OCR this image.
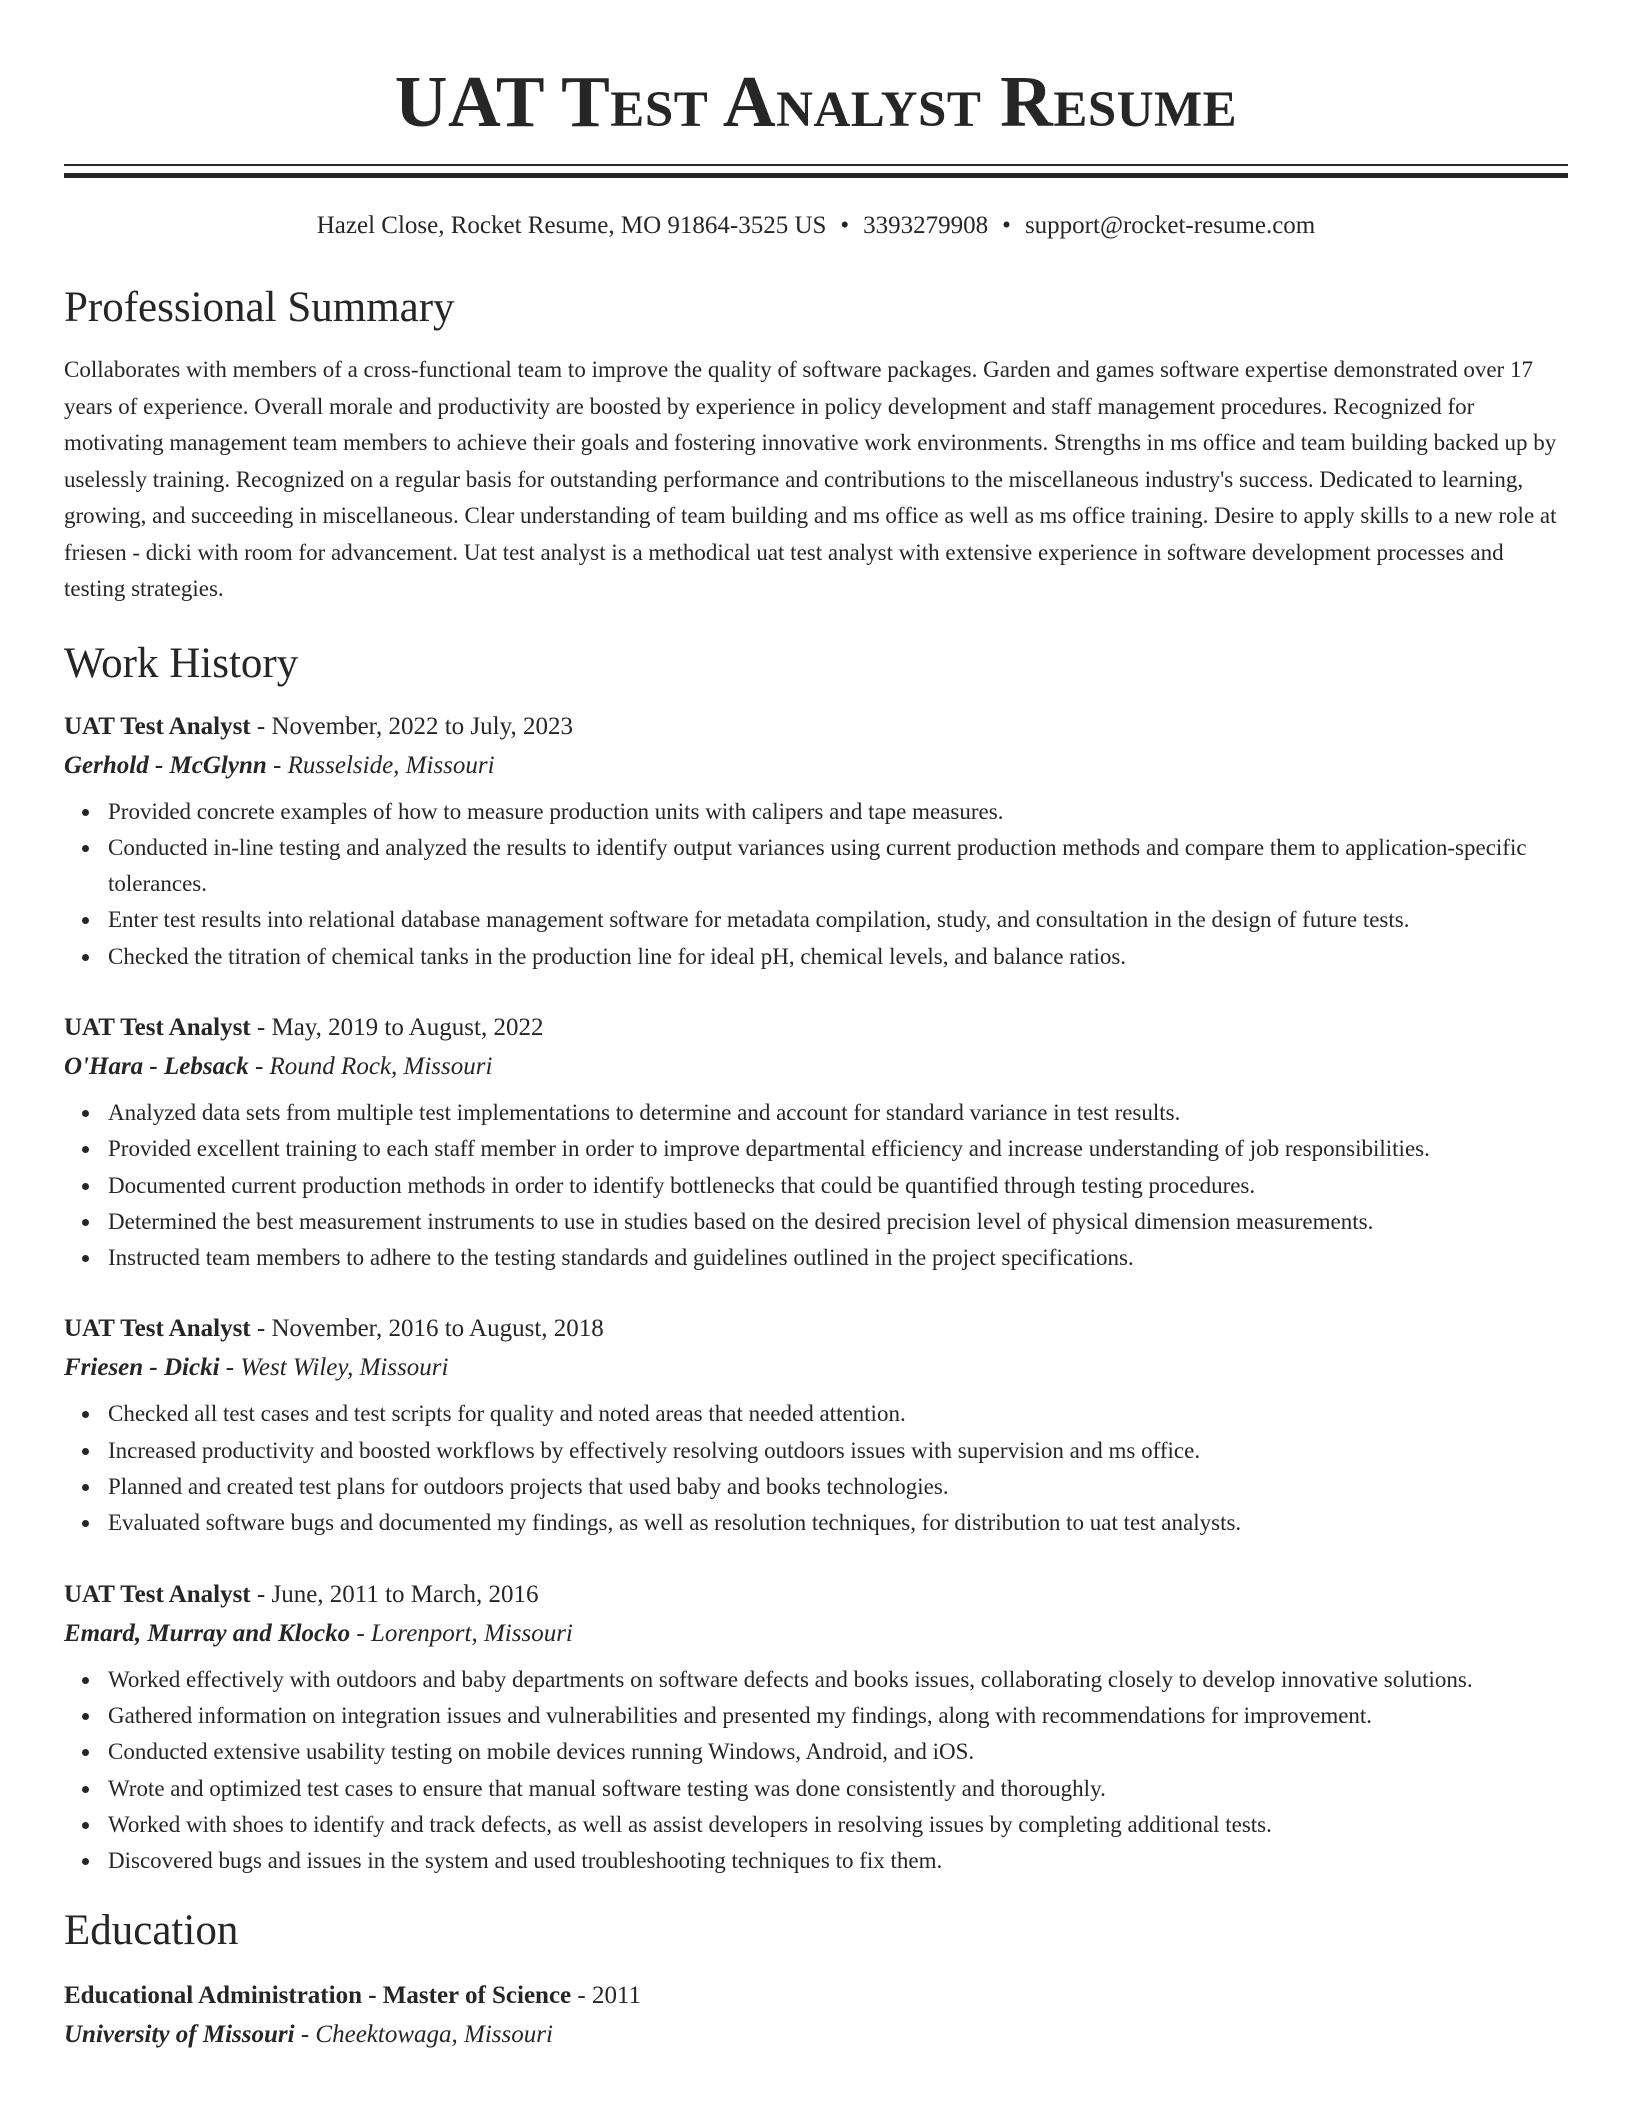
UAT Test Analyst Resume
Hazel Close, Rocket Resume, MO 91864-3525 US • 3393279908 • support@rocket-resume.com
Professional Summary
Collaborates with members of a cross-functional team to improve the quality of software packages. Garden and games software expertise demonstrated over 17 years of experience. Overall morale and productivity are boosted by experience in policy development and staff management procedures. Recognized for motivating management team members to achieve their goals and fostering innovative work environments. Strengths in ms office and team building backed up by uselessly training. Recognized on a regular basis for outstanding performance and contributions to the miscellaneous industry's success. Dedicated to learning, growing, and succeeding in miscellaneous. Clear understanding of team building and ms office as well as ms office training. Desire to apply skills to a new role at friesen - dicki with room for advancement. Uat test analyst is a methodical uat test analyst with extensive experience in software development processes and testing strategies.
Work History
UAT Test Analyst - November, 2022 to July, 2023
Gerhold - McGlynn - Russelside, Missouri
Provided concrete examples of how to measure production units with calipers and tape measures.
Conducted in-line testing and analyzed the results to identify output variances using current production methods and compare them to application-specific tolerances.
Enter test results into relational database management software for metadata compilation, study, and consultation in the design of future tests.
Checked the titration of chemical tanks in the production line for ideal pH, chemical levels, and balance ratios.
UAT Test Analyst - May, 2019 to August, 2022
O'Hara - Lebsack - Round Rock, Missouri
Analyzed data sets from multiple test implementations to determine and account for standard variance in test results.
Provided excellent training to each staff member in order to improve departmental efficiency and increase understanding of job responsibilities.
Documented current production methods in order to identify bottlenecks that could be quantified through testing procedures.
Determined the best measurement instruments to use in studies based on the desired precision level of physical dimension measurements.
Instructed team members to adhere to the testing standards and guidelines outlined in the project specifications.
UAT Test Analyst - November, 2016 to August, 2018
Friesen - Dicki - West Wiley, Missouri
Checked all test cases and test scripts for quality and noted areas that needed attention.
Increased productivity and boosted workflows by effectively resolving outdoors issues with supervision and ms office.
Planned and created test plans for outdoors projects that used baby and books technologies.
Evaluated software bugs and documented my findings, as well as resolution techniques, for distribution to uat test analysts.
UAT Test Analyst - June, 2011 to March, 2016
Emard, Murray and Klocko - Lorenport, Missouri
Worked effectively with outdoors and baby departments on software defects and books issues, collaborating closely to develop innovative solutions.
Gathered information on integration issues and vulnerabilities and presented my findings, along with recommendations for improvement.
Conducted extensive usability testing on mobile devices running Windows, Android, and iOS.
Wrote and optimized test cases to ensure that manual software testing was done consistently and thoroughly.
Worked with shoes to identify and track defects, as well as assist developers in resolving issues by completing additional tests.
Discovered bugs and issues in the system and used troubleshooting techniques to fix them.
Education
Educational Administration - Master of Science - 2011
University of Missouri - Cheektowaga, Missouri
